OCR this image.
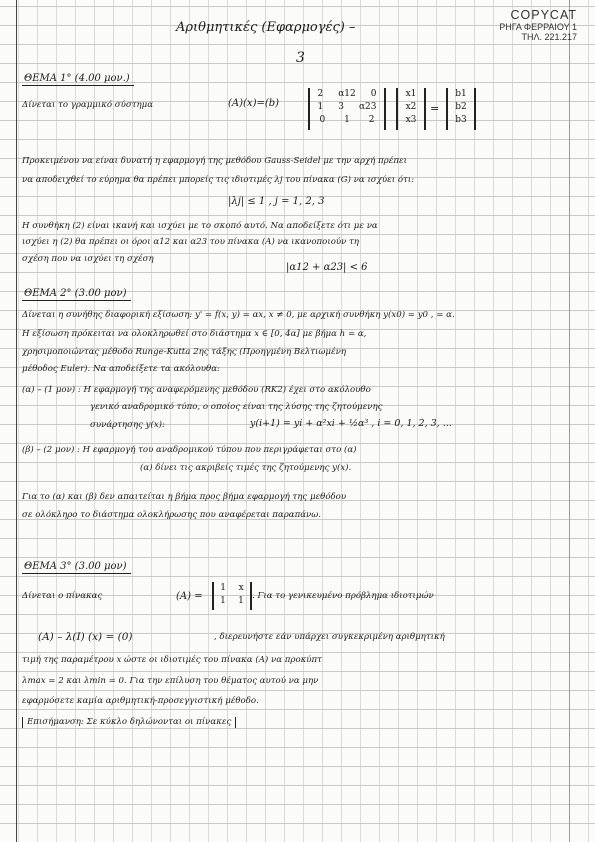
Αριθμητικές (Εφαρμογές) –
3
COPYCAT
ΡΗΓΑ ΦΕΡΡΑΙΟΥ 1
ΤΗΛ. 221.217
ΘΕΜΑ 1° (4.00 μον.)
Δίνεται το γραμμικό σύστημα	(A)(x)=(b)
2 α12 0
1 3 α23
0 1 2
x1
x2
x3
=
b1
b2
b3
Προκειμένου να είναι δυνατή η εφαρμογή της μεθόδου Gauss-Seidel με την αρχή πρέπει
να αποδειχθεί το εύρημα θα πρέπει μπορείς τις ιδιοτιμές λj του πίνακα (G) να ισχύει ότι:
|λj| ≤ 1 , j = 1, 2, 3
Η συνθήκη (2) είναι ικανή και ισχύει με το σκοπό αυτό. Να αποδείξετε ότι με να
ισχύει η (2) θα πρέπει οι όροι α12 και α23 του πίνακα (A) να ικανοποιούν τη
σχέση που να ισχύει τη σχέση
|α12 + α23| < 6
ΘΕΜΑ 2° (3.00 μον)
Δίνεται η συνήθης διαφορική εξίσωση: y' = f(x, y) = αx, x ≠ 0, με αρχική συνθήκη y(x0) = y0 , = α.
Η εξίσωση πρόκειται να ολοκληρωθεί στο διάστημα x ∈ [0, 4α] με βήμα h = α,
χρησιμοποιώντας μέθοδο Runge-Kutta 2ης τάξης (Προηγμένη Βελτιωμένη
μέθοδος Euler). Να αποδείξετε τα ακόλουθα:
(α) – (1 μον) : Η εφαρμογή της αναφερόμενης μεθόδου (RK2) έχει στο ακόλουθο
γενικό αναδρομικό τύπο, ο οποίος είναι της λύσης της ζητούμενης
συνάρτησης y(x):	y(i+1) = yi + α²xi + ½α³ , i = 0, 1, 2, 3, ...
(β) – (2 μον) : Η εφαρμογή του αναδρομικού τύπου που περιγράφεται στο (α)
(α) δίνει τις ακριβείς τιμές της ζητούμενης y(x).
Για το (α) και (β) δεν απαιτείται η βήμα προς βήμα εφαρμογή της μεθόδου
σε ολόκληρο το διάστημα ολοκλήρωσης που αναφέρεται παραπάνω.
ΘΕΜΑ 3° (3.00 μον)
Δίνεται ο πίνακας	(A) =
1 x
1 1 . Για το γενικευμένο πρόβλημα ιδιοτιμών
(A) – λ(I) (x) = (0)	, διερευνήστε εάν υπάρχει συγκεκριμένη αριθμητική
τιμή της παραμέτρου x ώστε οι ιδιοτιμές του πίνακα (A) να προκύπτ
λmax = 2 και λmin = 0. Για την επίλυση του θέματος αυτού να μην
εφαρμόσετε καμία αριθμητική-προσεγγιστική μέθοδο.
Επισήμανση: Σε κύκλο δηλώνονται οι πίνακες
